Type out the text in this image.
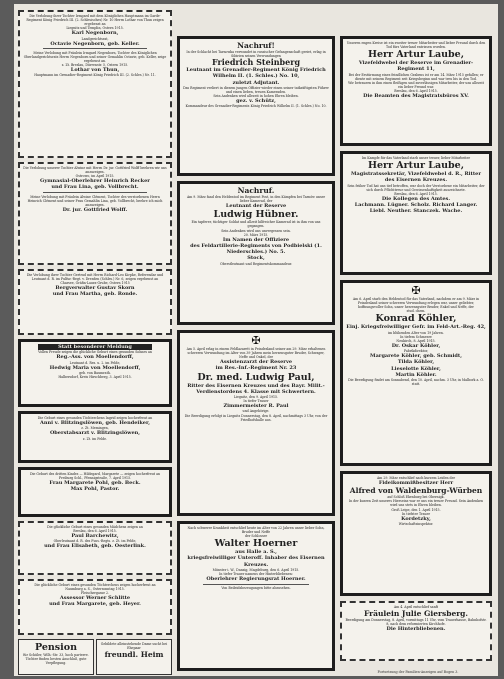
Die Verlobung ihrer Tochter Irmgard mit dem Königlichen Hauptmann im Garde-Regiment König Friedrich III. (2. Schlesisches) Nr. 10 Herrn Lothar von Thun zeigen ergebenst an
Liegnitz und Templin, Ostern 1915.
Karl Negenborn,
Landgerichtsrat,
Octavie Negenborn, geb. Keller.
Meine Verlobung mit Fräulein Irmgard Negenborn, Tochter des Königlichen Oberlandgerichtsrats Herrn Negenborn und seiner Gemahlin Octavie, geb. Keller, zeige ergebenst an.
z. Zt. Breslau, Dürrenstr. 5, Ostern 1915.
Lothar von Thun,
Hauptmann im Grenadier-Regiment König Friedrich III. (2. Schles.) Nr. 11.
Die Verlobung unserer Tochter Alwine mit Herrn Dr. jur. Gottfried Wolff beehren wir uns anzuzeigen.
Ostrowo, im April 1915.
Gymnasial-Oberlehrer Heinrich Recker
und Frau Lina, geb. Vollbrecht.
Meine Verlobung mit Fräulein Alwine Clément, Tochter des verstorbenen Herrn Heinrich Clément und seiner Frau Gemahlin Lina, geb. Vollbrecht, beehre ich mich anzuzeigen.
Dr. jur. Gottfried Wolff.
Die Verlobung ihrer Tochter Gertrud mit Herrn Richard-Leo Kirpke, Referendar und Leutnant d. R. im Pulfur.-Regt. v. Dresden (Schles.) Nr. 6, zeigen ergebenst an
Charsee, Gräfin-Laura-Grube, Ostern 1915
Bergverwalter Gustav Skorn
und Frau Martha, geb. Ronde.
Statt besonderer Meldung
Vollen Freude zeigen die glückliche Geburt eines gesunden Sohnes an
Reg.-Ass. von Moellendorff,
Leutnant d. Res. u. 2. im Felde,
Hedwig Maria von Moellendorff,
geb. von Baumrath.
Halbersdorf, Kreis Hirschberg, 3. April 1915.
Die Geburt eines gesunden Töchterchens Ingrid zeigen hocherfreut an
Anni v. Blitzingslöwen, geb. Hendeiker,
z. Zt. Memingen,
Oberstabsarzt v. Blitzingslöwen,
z. Zt. im Felde.
Die Geburt des dritten Kindes — Hildegard, Margarete — zeigen hocherfreut an
Freiburg Schl., Pfennigstraße, 7. April 1915.
Frau Margarete Pohl, geb. Beck.
Max Pohl, Pastor.
Die glückliche Geburt eines gesunden Mädchens zeigen an
Breslau, den 6. April 1915.
Paul Barchewitz,
Oberleutnant d. R. des Fuss.-Regts. z. Zt. im Felde,
und Frau Elisabeth, geb. Oesterlink.
Die glückliche Geburt eines gesunden Töchterchens zeigen hocherfreut an
Naumburg a. S., Ostersonntag 1915.
Fleischergasse 2.
Assessor Werner Schlitte
und Frau Margarete, geb. Heyer.
Pension
für Schüler, Wilh.-Str. 33, hoch parterre.
Töchter finden besten Anschluß, gute Verpflegung.
Gebildete alleinstehende Dame sucht bei Ehepaar
freundl. Heim
Nachruf!
In der Schlacht bei Tarnowka verwundet in russischer Gefangenschaft geriet, erlag in Sibirien seinen Verwundungen
Friedrich Steinberg
Leutnant im Grenadier-Regiment König Friedrich Wilhelm II. (1. Schles.) No. 10,
zuletzt Adjutant.
Das Regiment verliert in diesem jungen Offizier wieder einen seiner tatkräftigsten Führer und einen lieben, treuen Kameraden.
Sein Andenken wird allezeit in hohen Ehren bleiben.
gez. v. Schütz,
Kommandeur des Grenadier-Regiments König Friedrich Wilhelm II. (1. Schles.) No. 10.
Nachruf.
Am 9. März fand den Heldentod im Regiment Post, in den Kämpfen bei Tarnów unser lieber Kamerad, der
Leutnant der Reserve
Ludwig Hübner.
Ein tapferer, tüchtiger Soldat und allzeit hilfreicher Kamerad ist in ihm von uns gegangen.
Sein Andenken wird uns unvergessen sein.
20. März 1915.
Im Namen der Offiziere
des Feldartillerie-Regiments von Podbielski (1. Niederschles.) No. 5.
Stock,
Oberstleutnant und Regimentskommandeur.
✠
Am 5. April erlag in einem Feldlazarett in Feindesland seiner am 29. März erhaltenen schweren Verwundung im Alter von 39 Jahren mein herzensguter Bruder, Schwager, Neffe und Onkel, der
Assistenzarzt der Reserve
im Res.-Inf.-Regiment Nr. 23
Dr. med. Ludwig Paul,
Ritter des Eisernen Kreuzes und des Bayr. Milit.-Verdienstordens 4. Klasse mit Schwertern.
Liegnitz, den 9. April 1915.
In tiefer Trauer
Zimmermeister R. Paul
und Angehörige.
Die Beerdigung erfolgt in Liegnitz Donnerstag, den 8. April, nachmittags 3 Uhr, von der Friedhofshalle aus.
Nach schwerer Krankheit entschlief heute im Alter von 22 Jahren unser lieber Sohn, Bruder und Neffe
der Schlosser
Walter Hoerner
aus Halle a. S.,
kriegsfreiwilliger Unteroff. Inhaber des Eisernen Kreuzes.
Münster i. W., Danzig, Magdeburg, den 6. April 1915.
In tiefer Trauer namens der Hinterbliebenen:
Oberlehrer Regierungsrat Hoerner.
Von Beileidsbezeugungen bitte abzusehen.
Unseren engen Kreise ist ein zweiter treuer Mitarbeiter und lieber Freund durch den Tod fürs Vaterland entrissen worden.
Herr Artur Laube,
Vizefeldwebel der Reserve im Grenadier-Regiment 11,
Bei der Erstürmung eines feindlichen Grabens ist er am 14. März 1915 gefallen; er diente mit seinem Regiment seit Kriegsbeginn und war treu bis in den Tod.
Wir betrauern in ihm einen fleißigen und zuverlässigen Mitarbeiter, der uns allezeit ein lieber Freund war.
Breslau, den 6. April 1915.
Die Beamten des Magistratsbüros XV.
Im Kampfe für das Vaterland starb unser treuer, lieber Mitarbeiter
Herr Artur Laube,
Magistratssekretär, Vizefeldwebel d. R., Ritter des Eisernen Kreuzes.
Sein früher Tod hat uns tief betroffen, war doch der Verstorbene ein Mitarbeiter, der sich durch Pflichttreue und Gewissenhaftigkeit auszeichnete.
Breslau, den 6. April 1915.
Die Kollegen des Amtes.
Lachmann. Lügner. Scholz. Richard Langer.
Liebl. Neuther. Stanczek. Wache.
✠
Am 6. April starb den Heldentod für das Vaterland, nachdem er am 9. März in Feindesland seiner schweren Verwundung erlegen war, unser geliebter, hoffnungsvoller Sohn, unser herzensguter Bruder, Enkel und Neffe, der
stud. chem.
Konrad Köhler,
Einj. Kriegsfreiwilliger Gefr. im Feld-Art.-Reg. 42,
im blühenden Alter von 19 Jahren.
In tiefem Schmerze
Neukirch, 8. April 1915.
Dr. Oskar Köhler,
Fabrikdirektor,
Margarete Köhler, geb. Schmidt,
Tilda Köhler,
Lieselotte Köhler,
Martin Köhler.
Die Beerdigung findet am Sonnabend, den 10. April, nachm. 3 Uhr, in Malbork a. O. statt.
Am 29. März entschlief nach kurzem Leiden der
Fideikommißbesitzer Herr
Alfred von Waldenburg-Würben
auf Schloß Ekenburg bei Obernigk.
In der kurzen Zeit unseres Hierseins war er uns ein treuer Freund. Sein Andenken wird uns stets in Ehren bleiben.
Groß Leipe, den 1. April 1915.
In tiefster Trauer
Kordetzky,
Wirtschaftsinspektor.
Am 4. April entschlief sanft
Fräulein Julie Giersberg.
Beerdigung am Donnerstag, 8. April, vormittags 11 Uhr, vom Trauerhause, Bahnhofstr. 8, nach dem reformierten Kirchhofe.
Die Hinterbliebenen.
Fortsetzung der Familien-Anzeigen auf Bogen 3.
